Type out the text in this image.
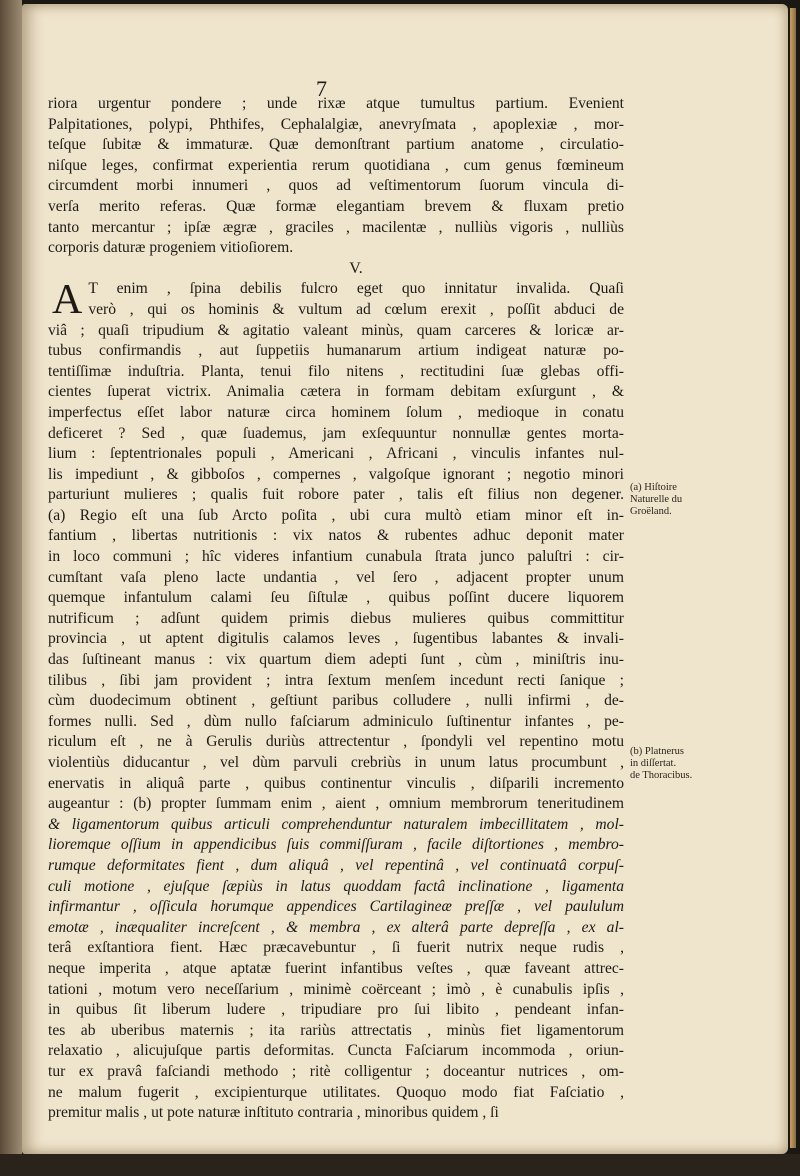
7
riora urgentur pondere ; unde rixæ atque tumultus partium. Evenient
Palpitationes, polypi, Phthifes, Cephalalgiæ, anevryſmata , apoplexiæ , mor-
teſque ſubitæ & immaturæ. Quæ demonſtrant partium anatome , circulatio-
niſque leges, confirmat experientia rerum quotidiana , cum genus fœmineum
circumdent morbi innumeri , quos ad veſtimentorum ſuorum vincula di-
verſa merito referas. Quæ formæ elegantiam brevem & fluxam pretio
tanto mercantur ; ipſæ ægræ , graciles , macilentæ , nulliùs vigoris , nulliùs
corporis daturæ progeniem vitioſiorem.
V.
A T enim , ſpina debilis fulcro eget quo innitatur invalida. Quaſi
verò , qui os hominis & vultum ad cœlum erexit , poſſit abduci de
viâ ; quaſi tripudium & agitatio valeant minùs, quam carceres & loricæ ar-
tubus confirmandis , aut ſuppetiis humanarum artium indigeat naturæ po-
tentiſſimæ induſtria. Planta, tenui filo nitens , rectitudini ſuæ glebas offi-
cientes ſuperat victrix. Animalia cætera in formam debitam exſurgunt , &
imperfectus eſſet labor naturæ circa hominem ſolum , medioque in conatu
deficeret ? Sed , quæ ſuademus, jam exſequuntur nonnullæ gentes morta-
lium : ſeptentrionales populi , Americani , Africani , vinculis infantes nul-
lis impediunt , & gibboſos , compernes , valgoſque ignorant ; negotio minori
parturiunt mulieres ; qualis fuit robore pater , talis eſt filius non degener.
(a) Regio eſt una ſub Arcto poſita , ubi cura multò etiam minor eſt in-
fantium , libertas nutritionis : vix natos & rubentes adhuc deponit mater
in loco communi ; hîc videres infantium cunabula ſtrata junco paluſtri : cir-
cumſtant vaſa pleno lacte undantia , vel ſero , adjacent propter unum
quemque infantulum calami ſeu ſiſtulæ , quibus poſſint ducere liquorem
nutrificum ; adſunt quidem primis diebus mulieres quibus committitur
provincia , ut aptent digitulis calamos leves , ſugentibus labantes & invali-
das ſuſtineant manus : vix quartum diem adepti ſunt , cùm , miniſtris inu-
tilibus , ſibi jam provident ; intra ſextum menſem incedunt recti ſanique ;
cùm duodecimum obtinent , geſtiunt paribus colludere , nulli infirmi , de-
formes nulli. Sed , dùm nullo faſciarum adminiculo ſuſtinentur infantes , pe-
riculum eſt , ne à Gerulis duriùs attrectentur , ſpondyli vel repentino motu
violentiùs diducantur , vel dùm parvuli crebriùs in unum latus procumbunt ,
enervatis in aliquâ parte , quibus continentur vinculis , diſparili incremento
augeantur : (b) propter ſummam enim , aient , omnium membrorum teneritudinem
& ligamentorum quibus articuli comprehenduntur naturalem imbecillitatem , mol-
lioremque oſſium in appendicibus ſuis commiſſuram , facile diſtortiones , membro-
rumque deformitates fient , dum aliquâ , vel repentinâ , vel continuatâ corpuſ-
culi motione , ejuſque ſæpiùs in latus quoddam factâ inclinatione , ligamenta
infirmantur , oſſicula horumque appendices Cartilagineæ preſſæ , vel paululum
emotæ , inæqualiter increſcent , & membra , ex alterâ parte depreſſa , ex al-
terâ exſtantiora fient. Hæc præcavebuntur , ſi fuerit nutrix neque rudis ,
neque imperita , atque aptatæ fuerint infantibus veſtes , quæ faveant attrec-
tationi , motum vero neceſſarium , minimè coërceant ; imò , è cunabulis ipſis ,
in quibus ſit liberum ludere , tripudiare pro ſui libito , pendeant infan-
tes ab uberibus maternis ; ita rariùs attrectatis , minùs fiet ligamentorum
relaxatio , alicujuſque partis deformitas. Cuncta Faſciarum incommoda , oriun-
tur ex pravâ faſciandi methodo ; ritè colligentur ; doceantur nutrices , om-
ne malum fugerit , excipienturque utilitates. Quoquo modo fiat Faſciatio ,
premitur malis , ut pote naturæ inſtituto contraria , minoribus quidem , ſi
(a) Hiſtoire
Naturelle du
Groëland.
(b) Platnerus
in diſſertat.
de Thoracibus.
